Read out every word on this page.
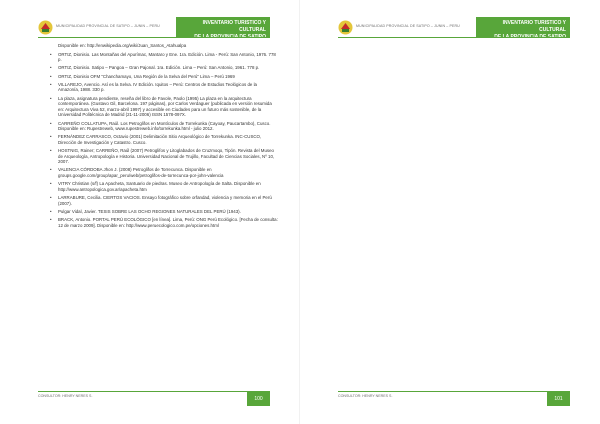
MUNICIPALIDAD PROVINCIAL DE SATIPO – JUNIN – PERU	INVENTARIO TURISTICO Y CULTURAL
Disponible en: http://enwikipedia.org/wiki/Juan_Santos_Atahualpa
• ORTIZ, Dionisio. Las Montañas del Apurímac, Mantaro y Ene. 1ra. Edición. Lima - Perú: San Antonio, 1976. 778 p.
• ORTIZ, Dionisio. Satipo – Pangoa – Gran Pajonal. 1ra. Edición. Lima – Perú: San Antonio, 1961. 778 p.
• ORTIZ, Dionisio OFM "Chanchamayo, Una Región de la Selva del Perú" Lima – Perú 1969
• VILLAREJO, Avencio. Así es la Selva. IV Edición. Iquitos – Perú: Centros de Estudios Teológicos de la Amazonía, 1988. 330 p.
• La plaza, asignatura pendiente, reseña del libro de Favole, Paolo (1995) La plaza en la arquitectura contemporánea. (Gustavo Gil, Barcelona. 197 páginas), por Carlos Verdaguer (publicada en versión resumida en: Arquitectura Viva 52, marzo-abril 1997) y accesible en Ciudades para un futuro más sostenible, de la Universidad Politécnica de Madrid (21-11-2006) ISSN 1578-097X.
• CARREÑO COLLATUPA, Raúl. Los Petroglifos en Montículos de Torrekunka (Cayoay, Paucartambo), Cusco. Disponible en: Rupestreweb, www.rupestreweb.info/torrekunka.html - julio 2012.
• FERNÁNDEZ CARRASCO, Octavio (2001) Delimitación Sitio Arqueológico de Torrekunka. INC-CUSCO, Dirección de Investigación y Catastro. Cusco.
• HOSTNIG, Rainer; CARREÑO, Raúl (2007) Petroglifos y Litoglabados de Cruzmoqo, Tipón. Revista del Museo de Arqueología, Antropología e Historia. Universidad Nacional de Trujillo, Facultad de Ciencias Sociales, Nº 10, 2007.
• VALENCIA CÓRDOBA Jhon J. (2008) Petroglifos de Torrecunca. Disponible en groups.google.com/group/apar_peru/web/petroglifos-de-torrecunca-por-john-valencia
• VITRY Christian (s/f) La Apacheta, Santuario de piedras. Museo de Antropología de Salta. Disponible en http://www.antropologica.gov.ar/apacheta.htm
• LARRABURE, Cecilia. CIERTOS VACIOS. Ensayo fotográfico sobre orfandad, violencia y memoria en el Perú (2007).
• Pulgar Vidal, Javier. TESIS SOBRE LAS OCHO REGIONES NATURALES DEL PERÚ (1943).
• BRACK, Antonio. PORTAL PERÚ ECOLÓGICO [en línea]. Lima, Perú: ONG Perú Ecológico. [Fecha de consulta: 12 de marzo 2009]. Disponible en: http://www.peruecologico.com.pe/opciones.html
CONSULTOR: HENRY NERES S.	100
MUNICIPALIDAD PROVINCIAL DE SATIPO – JUNIN – PERU	INVENTARIO TURISTICO Y CULTURAL
CONSULTOR: HENRY NERES S.	101
